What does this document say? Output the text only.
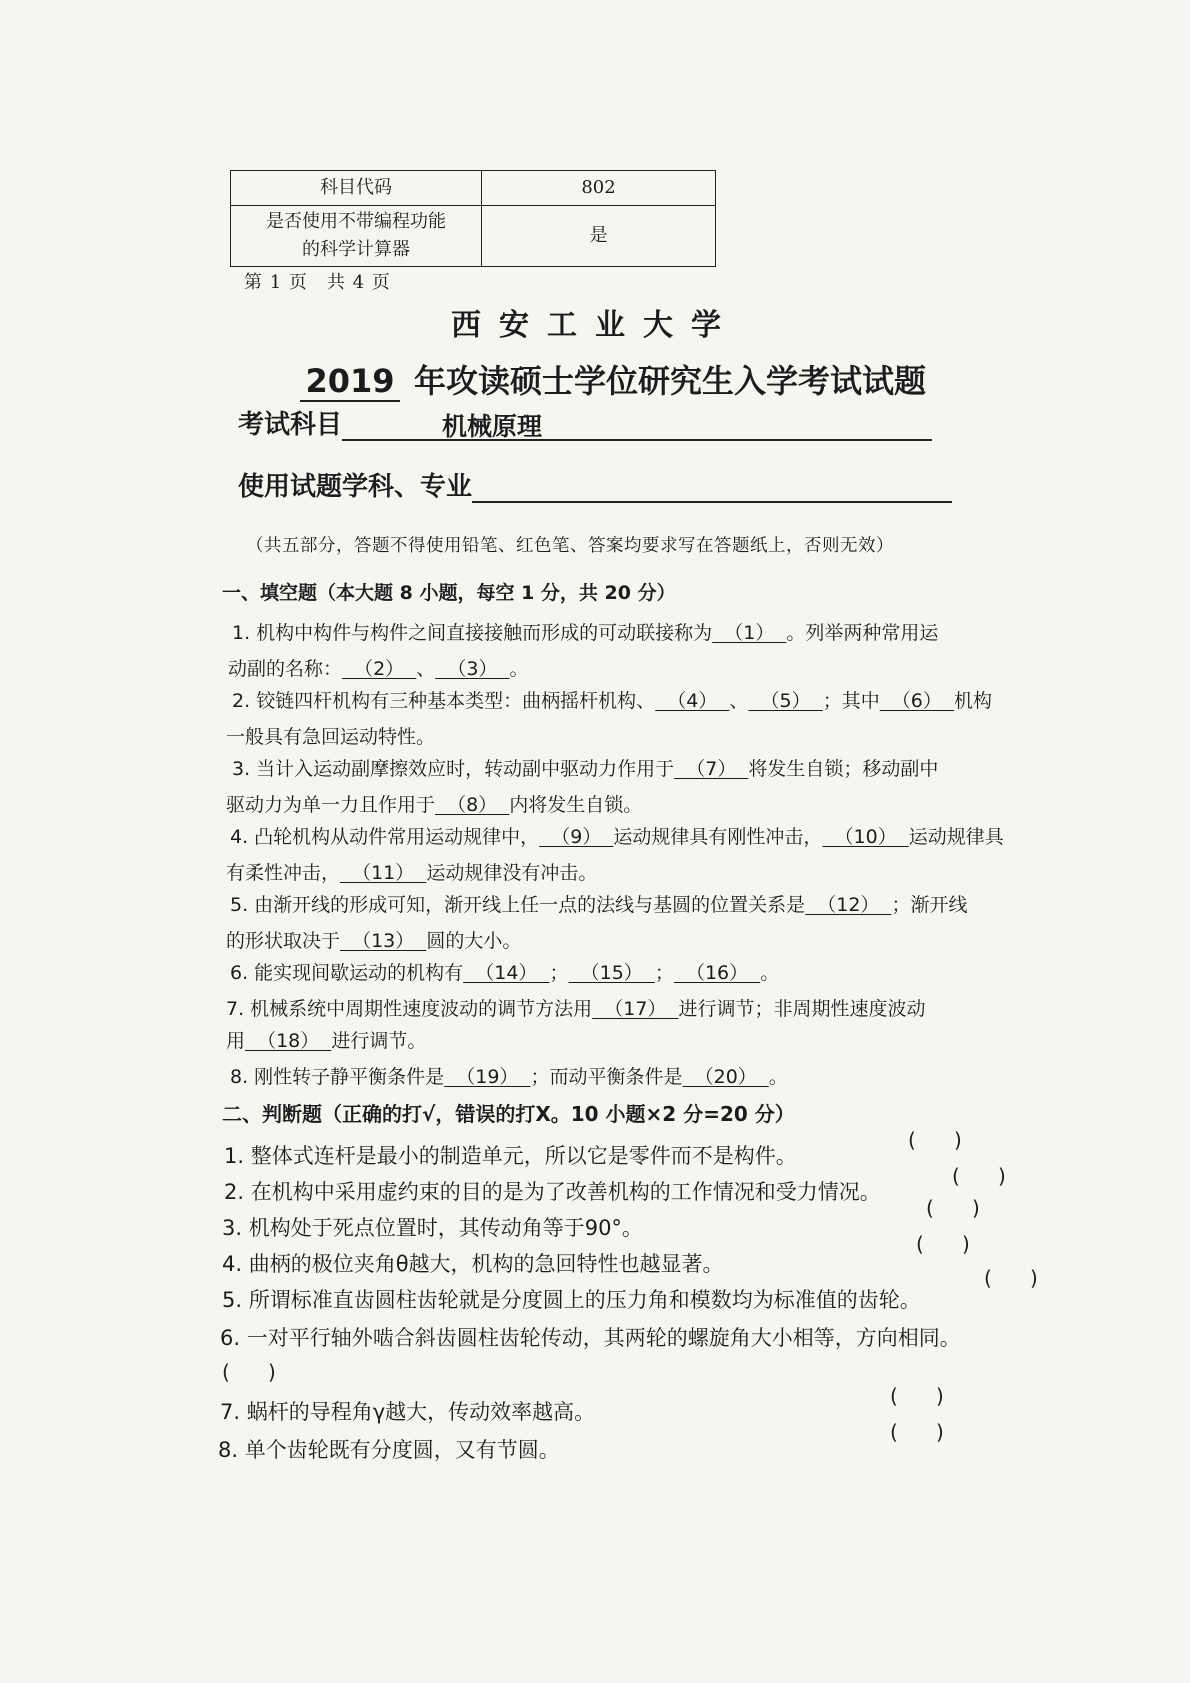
科目代码	802

是否使用不带编程功能
的科学计算器	是
第 1 页　共 4 页
西安工业大学
2019 年攻读硕士学位研究生入学考试试题
考试科目	机械原理
使用试题学科、专业
（共五部分，答题不得使用铅笔、红色笔、答案均要求写在答题纸上，否则无效）
一、填空题（本大题 8 小题，每空 1 分，共 20 分）
1. 机构中构件与构件之间直接接触而形成的可动联接称为  （1）  。列举两种常用运
动副的名称：  （2）  、  （3）  。
2. 铰链四杆机构有三种基本类型：曲柄摇杆机构、  （4）  、  （5）  ；其中  （6）  机构
一般具有急回运动特性。
3. 当计入运动副摩擦效应时，转动副中驱动力作用于  （7）  将发生自锁；移动副中
驱动力为单一力且作用于  （8）  内将发生自锁。
4. 凸轮机构从动件常用运动规律中，  （9）  运动规律具有刚性冲击，  （10）  运动规律具
有柔性冲击，  （11）  运动规律没有冲击。
5. 由渐开线的形成可知，渐开线上任一点的法线与基圆的位置关系是  （12）  ；渐开线
的形状取决于  （13）  圆的大小。
6. 能实现间歇运动的机构有  （14）  ；  （15）  ；  （16）  。
7. 机械系统中周期性速度波动的调节方法用  （17）  进行调节；非周期性速度波动
用  （18）  进行调节。
8. 刚性转子静平衡条件是  （19）  ；而动平衡条件是  （20）  。
二、判断题（正确的打√，错误的打Ⅹ。10 小题×2 分=20 分）
1. 整体式连杆是最小的制造单元，所以它是零件而不是构件。
(      )
2. 在机构中采用虚约束的目的是为了改善机构的工作情况和受力情况。
(      )
3. 机构处于死点位置时，其传动角等于90°。
(      )
4. 曲柄的极位夹角θ越大，机构的急回特性也越显著。
(      )
5. 所谓标准直齿圆柱齿轮就是分度圆上的压力角和模数均为标准值的齿轮。
(      )
6. 一对平行轴外啮合斜齿圆柱齿轮传动，其两轮的螺旋角大小相等，方向相同。
(      )
7. 蜗杆的导程角γ越大，传动效率越高。
(      )
8. 单个齿轮既有分度圆，又有节圆。
(      )
